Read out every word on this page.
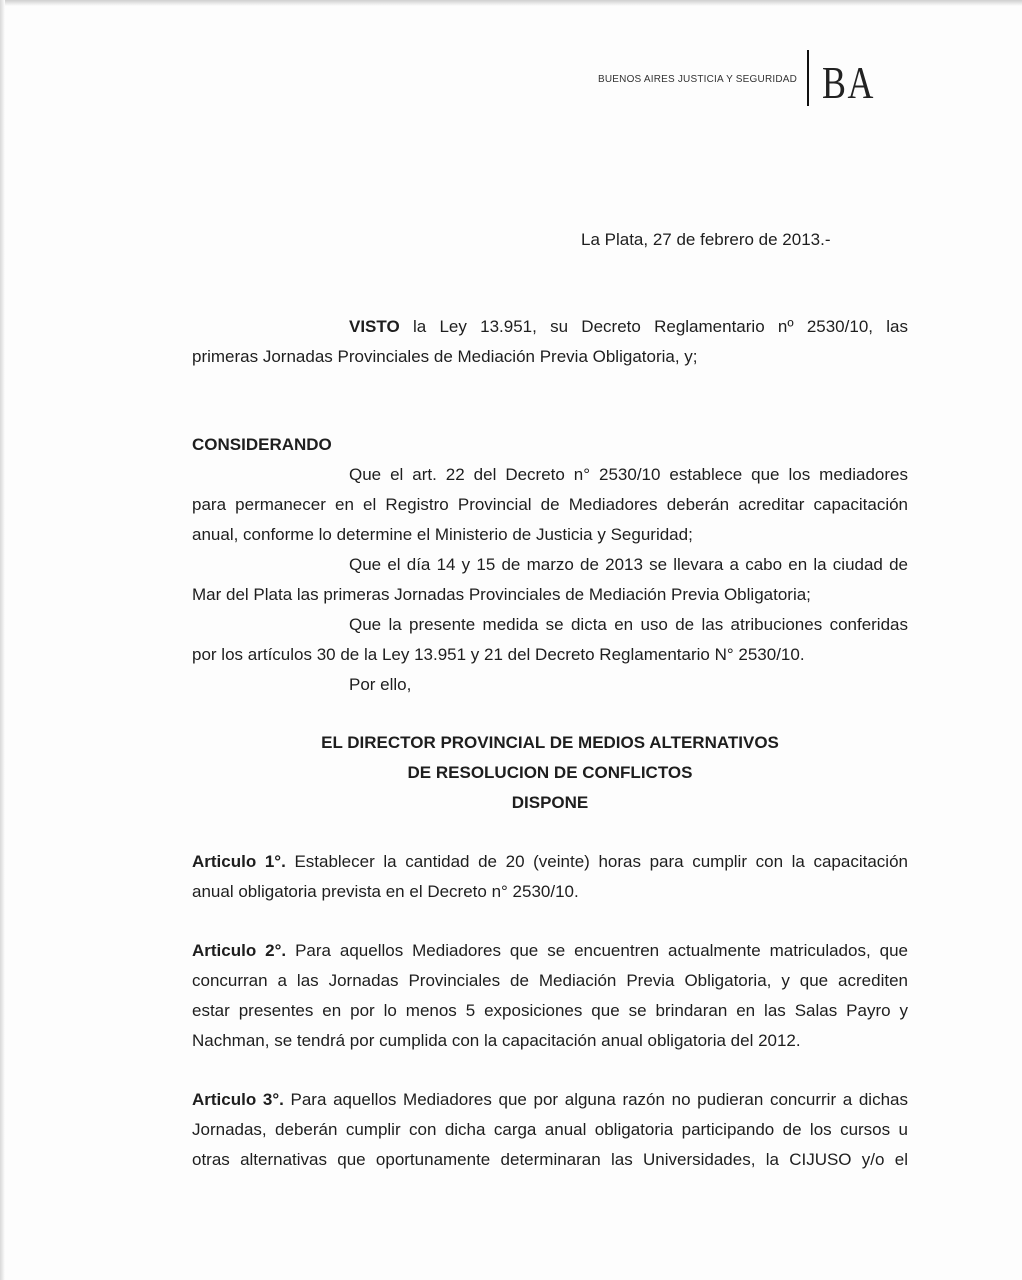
BUENOS AIRES JUSTICIA Y SEGURIDAD BA
La Plata, 27 de febrero de 2013.-
VISTO la Ley 13.951, su Decreto Reglamentario nº 2530/10, las
primeras Jornadas Provinciales de Mediación Previa Obligatoria, y;
CONSIDERANDO
Que el art. 22 del Decreto n° 2530/10 establece que los mediadores
para permanecer en el Registro Provincial de Mediadores deberán acreditar capacitación
anual, conforme lo determine el Ministerio de Justicia y Seguridad;
Que el día 14 y 15 de marzo de 2013 se llevara a cabo en la ciudad de
Mar del Plata las primeras Jornadas Provinciales de Mediación Previa Obligatoria;
Que la presente medida se dicta en uso de las atribuciones conferidas
por los artículos 30 de la Ley 13.951 y 21 del Decreto Reglamentario N° 2530/10.
Por ello,
EL DIRECTOR PROVINCIAL DE MEDIOS ALTERNATIVOS
DE RESOLUCION DE CONFLICTOS
DISPONE
Articulo 1°. Establecer la cantidad de 20 (veinte) horas para cumplir con la capacitación
anual obligatoria prevista en el Decreto n° 2530/10.
Articulo 2°. Para aquellos Mediadores que se encuentren actualmente matriculados, que
concurran a las Jornadas Provinciales de Mediación Previa Obligatoria, y que acrediten
estar presentes en por lo menos 5 exposiciones que se brindaran en las Salas Payro y
Nachman, se tendrá por cumplida con la capacitación anual obligatoria del 2012.
Articulo 3°. Para aquellos Mediadores que por alguna razón no pudieran concurrir a dichas
Jornadas, deberán cumplir con dicha carga anual obligatoria participando de los cursos u
otras alternativas que oportunamente determinaran las Universidades, la CIJUSO y/o el
